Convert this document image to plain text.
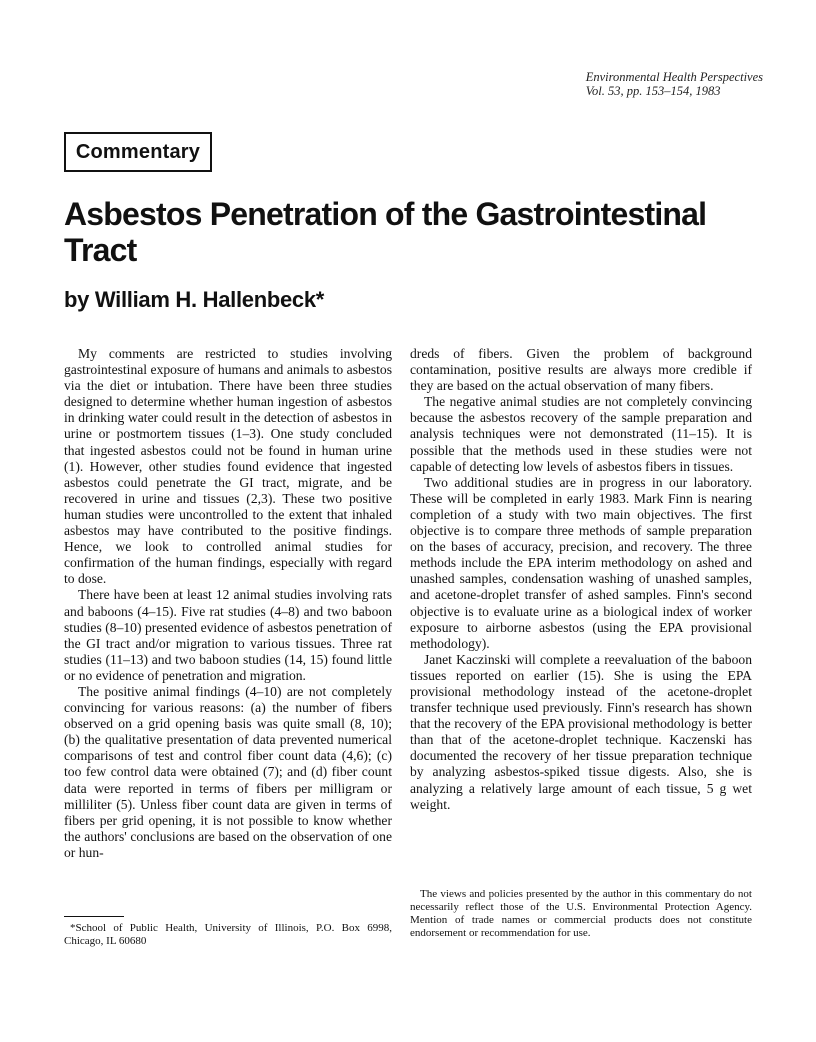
Environmental Health Perspectives
Vol. 53, pp. 153–154, 1983
Commentary
Asbestos Penetration of the Gastrointestinal Tract
by William H. Hallenbeck*

My comments are restricted to studies involving gastrointestinal exposure of humans and animals to asbestos via the diet or intubation. There have been three studies designed to determine whether human ingestion of asbestos in drinking water could result in the detection of asbestos in urine or postmortem tissues (1–3). One study concluded that ingested asbestos could not be found in human urine (1). However, other studies found evidence that ingested asbestos could penetrate the GI tract, migrate, and be recovered in urine and tissues (2,3). These two positive human studies were uncontrolled to the extent that inhaled asbestos may have contributed to the positive findings. Hence, we look to controlled animal studies for confirmation of the human findings, especially with regard to dose.

There have been at least 12 animal studies involving rats and baboons (4–15). Five rat studies (4–8) and two baboon studies (8–10) presented evidence of asbestos penetration of the GI tract and/or migration to various tissues. Three rat studies (11–13) and two baboon studies (14, 15) found little or no evidence of penetration and migration.

The positive animal findings (4–10) are not completely convincing for various reasons: (a) the number of fibers observed on a grid opening basis was quite small (8, 10); (b) the qualitative presentation of data prevented numerical comparisons of test and control fiber count data (4,6); (c) too few control data were obtained (7); and (d) fiber count data were reported in terms of fibers per milligram or milliliter (5). Unless fiber count data are given in terms of fibers per grid opening, it is not possible to know whether the authors' conclusions are based on the observation of one or hun-

dreds of fibers. Given the problem of background contamination, positive results are always more credible if they are based on the actual observation of many fibers.

The negative animal studies are not completely convincing because the asbestos recovery of the sample preparation and analysis techniques were not demonstrated (11–15). It is possible that the methods used in these studies were not capable of detecting low levels of asbestos fibers in tissues.

Two additional studies are in progress in our laboratory. These will be completed in early 1983. Mark Finn is nearing completion of a study with two main objectives. The first objective is to compare three methods of sample preparation on the bases of accuracy, precision, and recovery. The three methods include the EPA interim methodology on ashed and unashed samples, condensation washing of unashed samples, and acetone-droplet transfer of ashed samples. Finn's second objective is to evaluate urine as a biological index of worker exposure to airborne asbestos (using the EPA provisional methodology).

Janet Kaczinski will complete a reevaluation of the baboon tissues reported on earlier (15). She is using the EPA provisional methodology instead of the acetone-droplet transfer technique used previously. Finn's research has shown that the recovery of the EPA provisional methodology is better than that of the acetone-droplet technique. Kaczenski has documented the recovery of her tissue preparation technique by analyzing asbestos-spiked tissue digests. Also, she is analyzing a relatively large amount of each tissue, 5 g wet weight.

*School of Public Health, University of Illinois, P.O. Box 6998, Chicago, IL 60680
The views and policies presented by the author in this commentary do not necessarily reflect those of the U.S. Environmental Protection Agency. Mention of trade names or commercial products does not constitute endorsement or recommendation for use.
